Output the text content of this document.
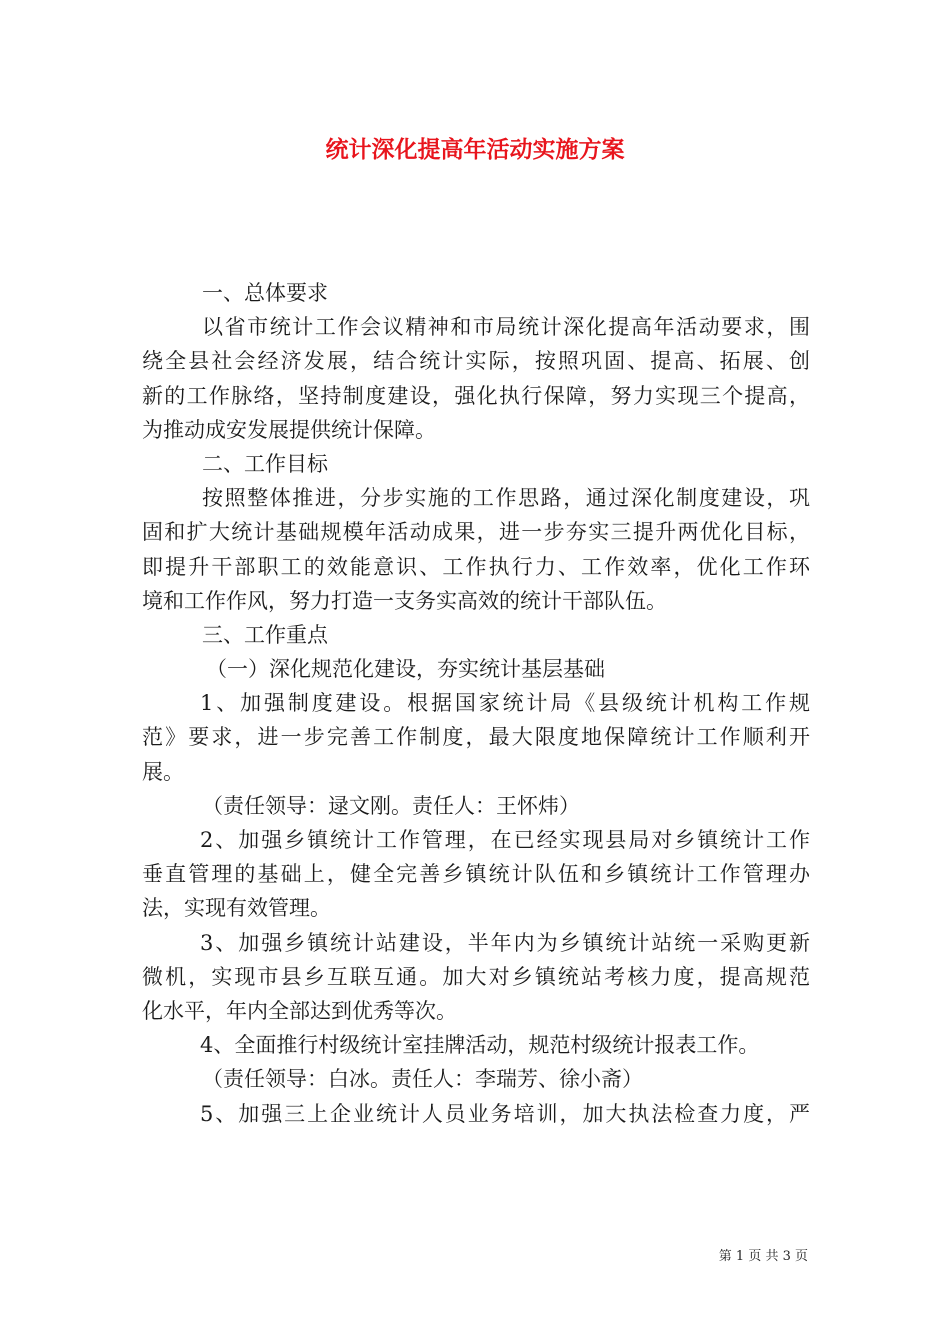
统计深化提高年活动实施方案
一、总体要求
以省市统计工作会议精神和市局统计深化提高年活动要求，围
绕全县社会经济发展，结合统计实际，按照巩固、提高、拓展、创
新的工作脉络，坚持制度建设，强化执行保障，努力实现三个提高，
为推动成安发展提供统计保障。
二、工作目标
按照整体推进，分步实施的工作思路，通过深化制度建设，巩
固和扩大统计基础规模年活动成果，进一步夯实三提升两优化目标，
即提升干部职工的效能意识、工作执行力、工作效率，优化工作环
境和工作作风，努力打造一支务实高效的统计干部队伍。
三、工作重点
（一）深化规范化建设，夯实统计基层基础
1、加强制度建设。根据国家统计局《县级统计机构工作规
范》要求，进一步完善工作制度，最大限度地保障统计工作顺利开
展。
（责任领导：逯文刚。责任人：王怀炜）
2、加强乡镇统计工作管理，在已经实现县局对乡镇统计工作
垂直管理的基础上，健全完善乡镇统计队伍和乡镇统计工作管理办
法，实现有效管理。
3、加强乡镇统计站建设，半年内为乡镇统计站统一采购更新
微机，实现市县乡互联互通。加大对乡镇统站考核力度，提高规范
化水平，年内全部达到优秀等次。
4、全面推行村级统计室挂牌活动，规范村级统计报表工作。
（责任领导：白冰。责任人：李瑞芳、徐小斋）
5、加强三上企业统计人员业务培训，加大执法检查力度，严
第 1 页 共 3 页
